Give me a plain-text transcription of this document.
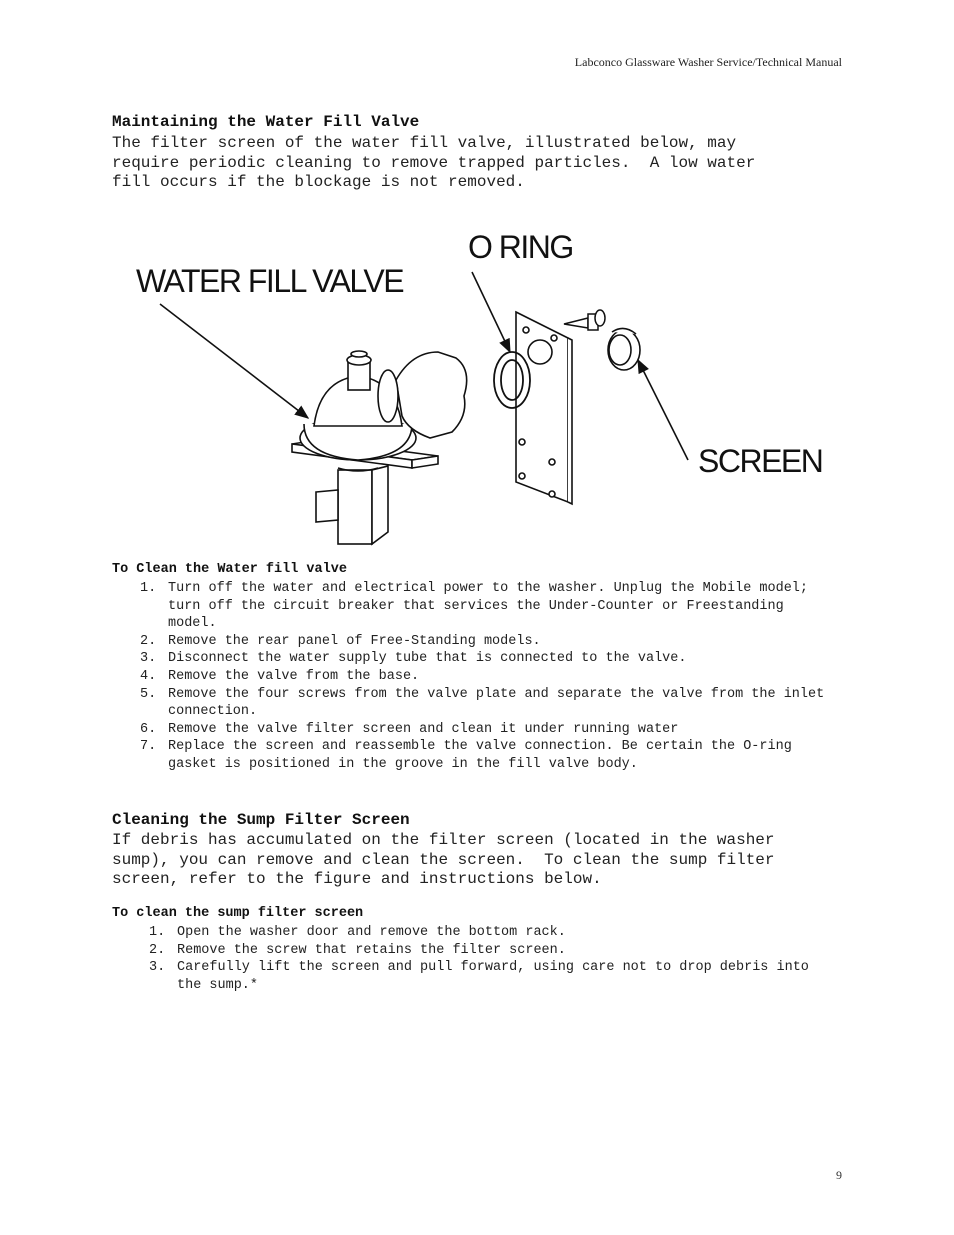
Labconco Glassware Washer Service/Technical Manual
Maintaining the Water Fill Valve

The filter screen of the water fill valve, illustrated below, may
require periodic cleaning to remove trapped particles.  A low water
fill occurs if the blockage is not removed.

WATER FILL VALVE
O RING
SCREEN
To Clean the Water fill valve
1. Turn off the water and electrical power to the washer. Unplug the Mobile model; turn off the circuit breaker that services the Under-Counter or Freestanding model.
2. Remove the rear panel of Free-Standing models.
3. Disconnect the water supply tube that is connected to the valve.
4. Remove the valve from the base.
5. Remove the four screws from the valve plate and separate the valve from the inlet connection.
6. Remove the valve filter screen and clean it under running water
7. Replace the screen and reassemble the valve connection. Be certain the O-ring gasket is positioned in the groove in the fill valve body.
Cleaning the Sump Filter Screen

If debris has accumulated on the filter screen (located in the washer
sump), you can remove and clean the screen.  To clean the sump filter
screen, refer to the figure and instructions below.

To clean the sump filter screen
1. Open the washer door and remove the bottom rack.
2. Remove the screw that retains the filter screen.
3. Carefully lift the screen and pull forward, using care not to drop debris into the sump.*
9
